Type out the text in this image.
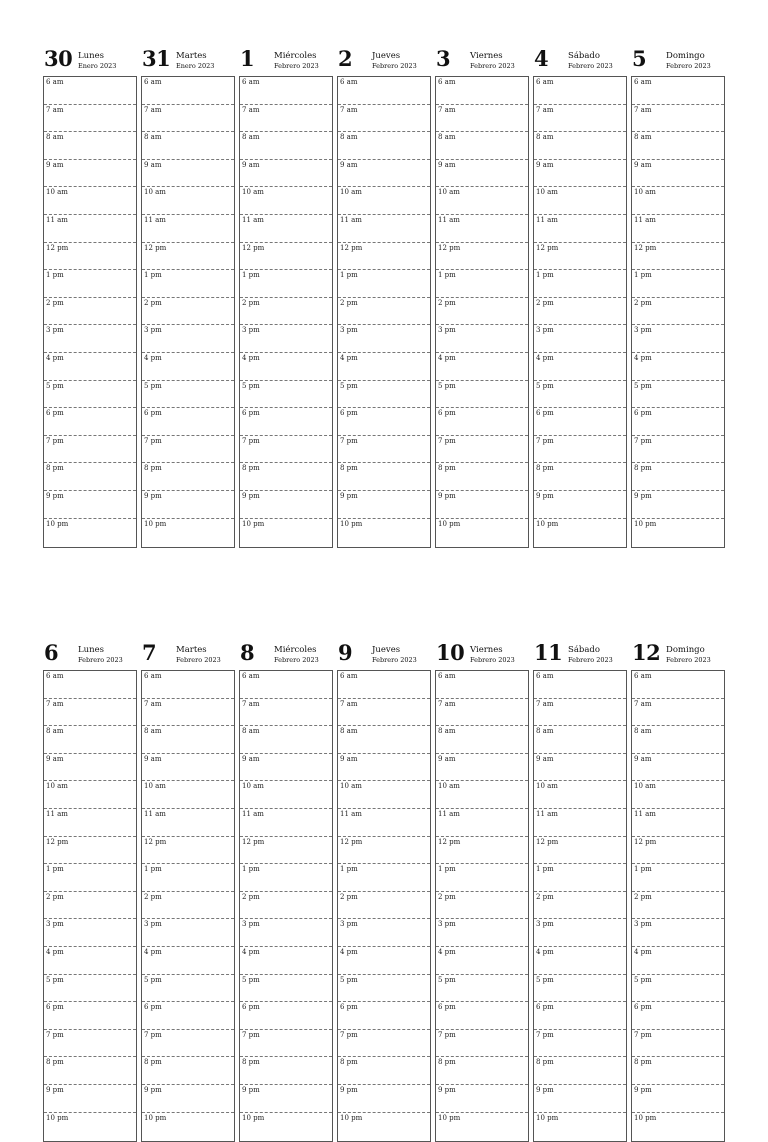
30 Lunes
Enero 2023
6 am
7 am
8 am
9 am
10 am
11 am
12 pm
1 pm
2 pm
3 pm
4 pm
5 pm
6 pm
7 pm
8 pm
9 pm
10 pm
31 Martes
Enero 2023
6 am
7 am
8 am
9 am
10 am
11 am
12 pm
1 pm
2 pm
3 pm
4 pm
5 pm
6 pm
7 pm
8 pm
9 pm
10 pm
1 Miércoles
Febrero 2023
6 am
7 am
8 am
9 am
10 am
11 am
12 pm
1 pm
2 pm
3 pm
4 pm
5 pm
6 pm
7 pm
8 pm
9 pm
10 pm
2 Jueves
Febrero 2023
6 am
7 am
8 am
9 am
10 am
11 am
12 pm
1 pm
2 pm
3 pm
4 pm
5 pm
6 pm
7 pm
8 pm
9 pm
10 pm
3 Viernes
Febrero 2023
6 am
7 am
8 am
9 am
10 am
11 am
12 pm
1 pm
2 pm
3 pm
4 pm
5 pm
6 pm
7 pm
8 pm
9 pm
10 pm
4 Sábado
Febrero 2023
6 am
7 am
8 am
9 am
10 am
11 am
12 pm
1 pm
2 pm
3 pm
4 pm
5 pm
6 pm
7 pm
8 pm
9 pm
10 pm
5 Domingo
Febrero 2023
6 am
7 am
8 am
9 am
10 am
11 am
12 pm
1 pm
2 pm
3 pm
4 pm
5 pm
6 pm
7 pm
8 pm
9 pm
10 pm
6 Lunes
Febrero 2023
6 am
7 am
8 am
9 am
10 am
11 am
12 pm
1 pm
2 pm
3 pm
4 pm
5 pm
6 pm
7 pm
8 pm
9 pm
10 pm
7 Martes
Febrero 2023
6 am
7 am
8 am
9 am
10 am
11 am
12 pm
1 pm
2 pm
3 pm
4 pm
5 pm
6 pm
7 pm
8 pm
9 pm
10 pm
8 Miércoles
Febrero 2023
6 am
7 am
8 am
9 am
10 am
11 am
12 pm
1 pm
2 pm
3 pm
4 pm
5 pm
6 pm
7 pm
8 pm
9 pm
10 pm
9 Jueves
Febrero 2023
6 am
7 am
8 am
9 am
10 am
11 am
12 pm
1 pm
2 pm
3 pm
4 pm
5 pm
6 pm
7 pm
8 pm
9 pm
10 pm
10 Viernes
Febrero 2023
6 am
7 am
8 am
9 am
10 am
11 am
12 pm
1 pm
2 pm
3 pm
4 pm
5 pm
6 pm
7 pm
8 pm
9 pm
10 pm
11 Sábado
Febrero 2023
6 am
7 am
8 am
9 am
10 am
11 am
12 pm
1 pm
2 pm
3 pm
4 pm
5 pm
6 pm
7 pm
8 pm
9 pm
10 pm
12 Domingo
Febrero 2023
6 am
7 am
8 am
9 am
10 am
11 am
12 pm
1 pm
2 pm
3 pm
4 pm
5 pm
6 pm
7 pm
8 pm
9 pm
10 pm
